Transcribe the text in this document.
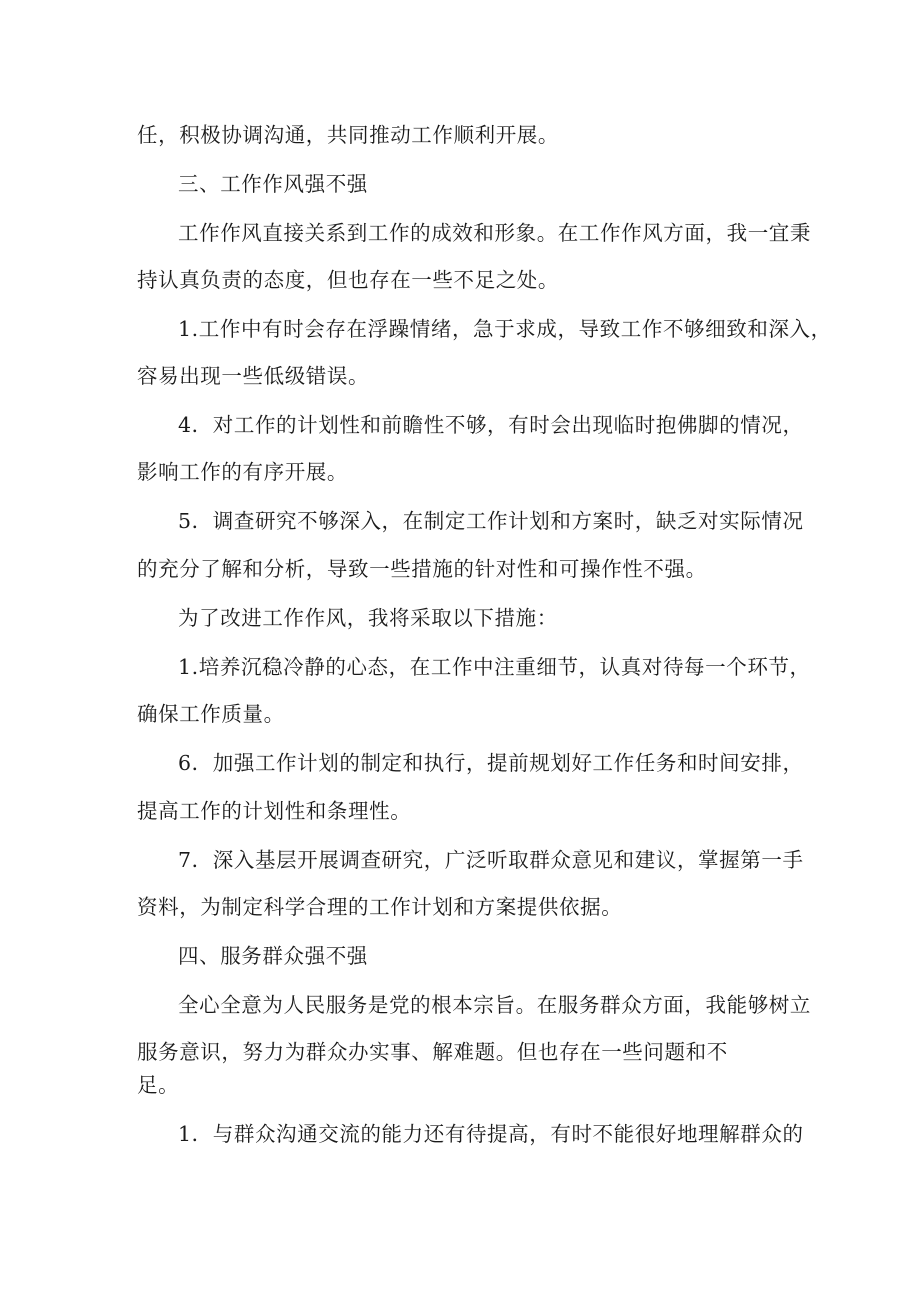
任，积极协调沟通，共同推动工作顺利开展。
三、工作作风强不强
工作作风直接关系到工作的成效和形象。在工作作风方面，我一宜秉
持认真负责的态度，但也存在一些不足之处。
1.工作中有时会存在浮躁情绪，急于求成，导致工作不够细致和深入，
容易出现一些低级错误。
4．对工作的计划性和前瞻性不够，有时会出现临时抱佛脚的情况，
影响工作的有序开展。
5．调查研究不够深入，在制定工作计划和方案时，缺乏对实际情况
的充分了解和分析，导致一些措施的针对性和可操作性不强。
为了改进工作作风，我将采取以下措施：
1.培养沉稳冷静的心态，在工作中注重细节，认真对待每一个环节，
确保工作质量。
6．加强工作计划的制定和执行，提前规划好工作任务和时间安排，
提高工作的计划性和条理性。
7．深入基层开展调查研究，广泛听取群众意见和建议，掌握第一手
资料，为制定科学合理的工作计划和方案提供依据。
四、服务群众强不强
全心全意为人民服务是党的根本宗旨。在服务群众方面，我能够树立
服务意识，努力为群众办实事、解难题。但也存在一些问题和不
足。
1．与群众沟通交流的能力还有待提高，有时不能很好地理解群众的
